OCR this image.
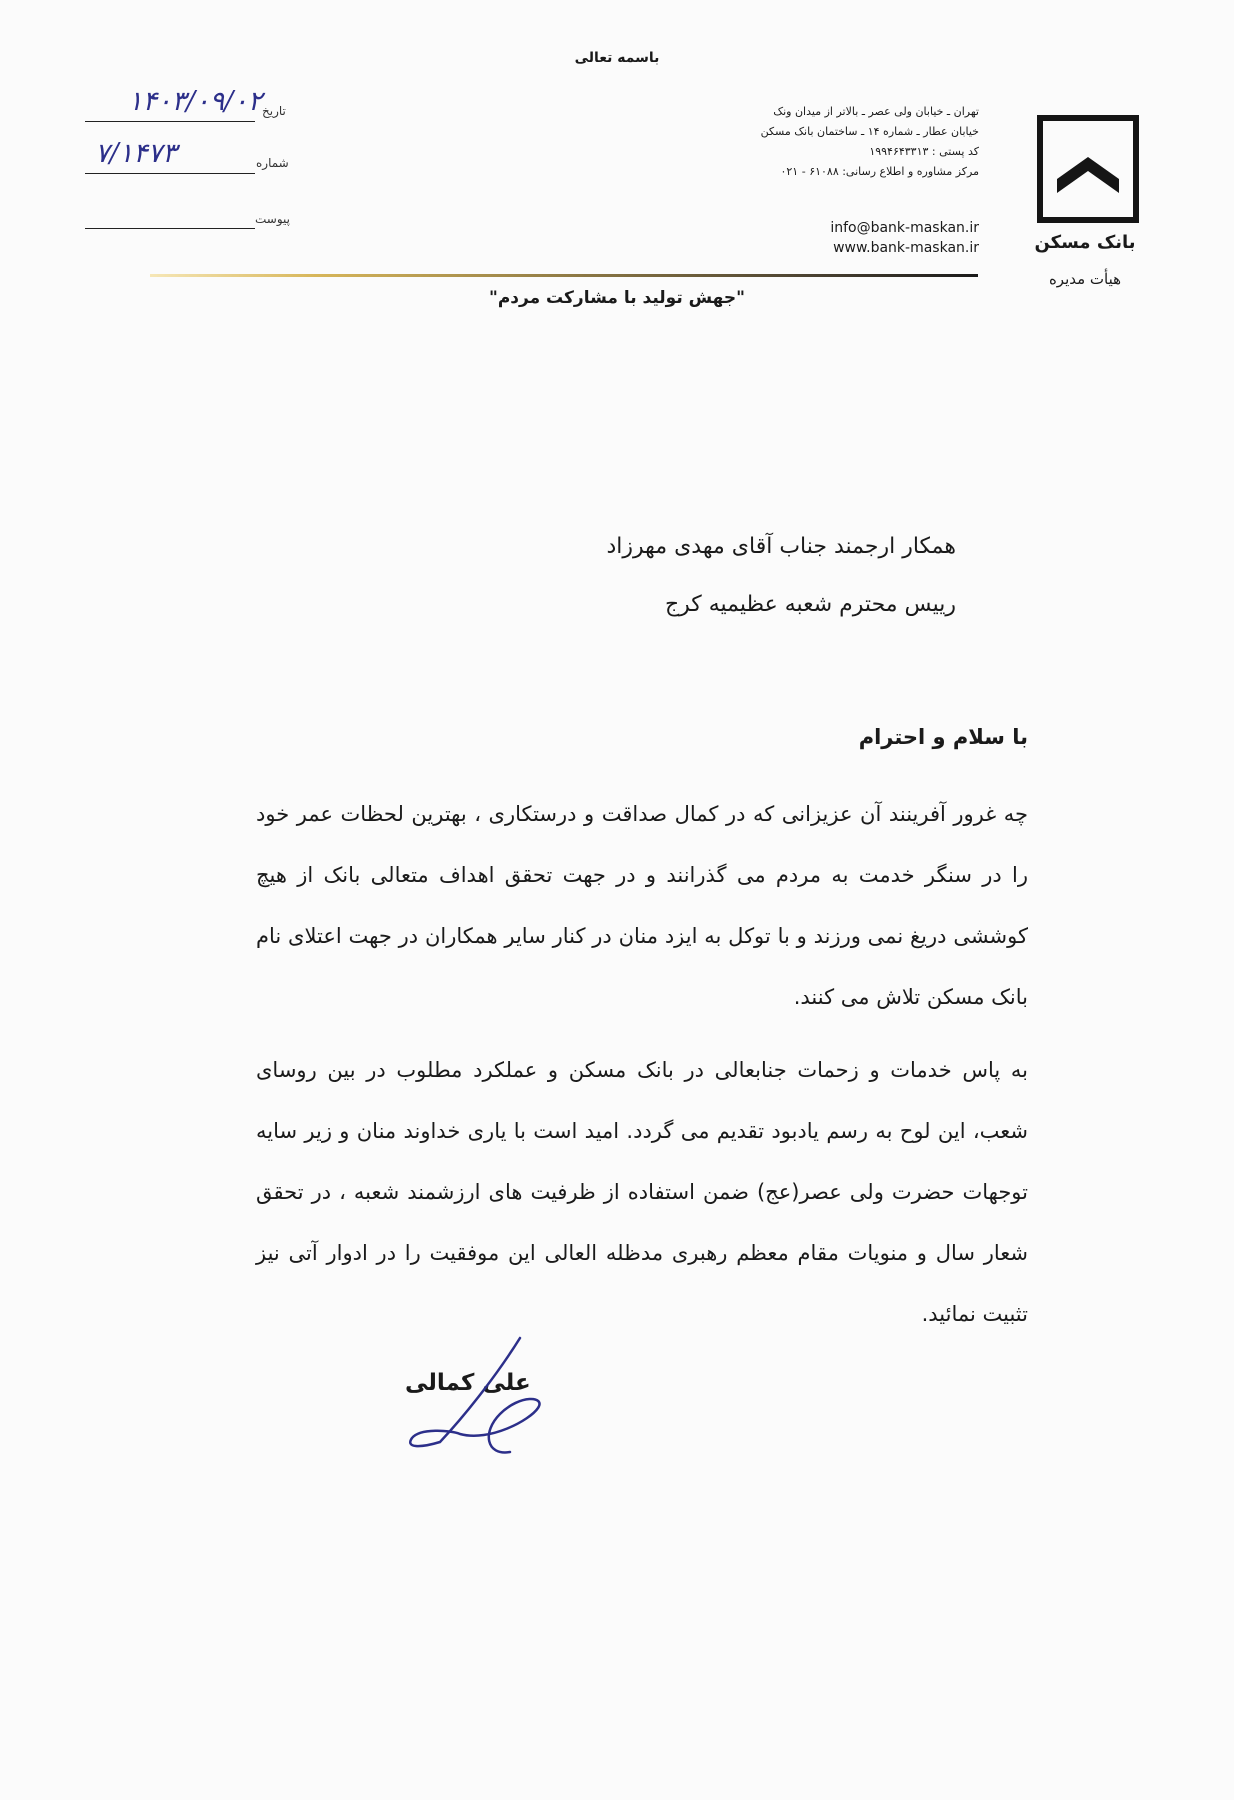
باسمه تعالی
بانک مسکن
هیأت مدیره
تهران ـ خیابان ولی عصر ـ بالاتر از میدان ونک
خیابان عطار ـ شماره ۱۴ ـ ساختمان بانک مسکن
کد پستی : ۱۹۹۴۶۴۳۳۱۳
مرکز مشاوره و اطلاع رسانی: ۶۱۰۸۸ - ۰۲۱
info@bank-maskan.ir
www.bank-maskan.ir
تاریخ
۱۴۰۳/۰۹/۰۲
شماره
۷/۱۴۷۳
پیوست
"جهش تولید با مشارکت مردم"
همکار ارجمند جناب آقای مهدی مهرزاد
رییس محترم شعبه عظیمیه کرج
با سلام و احترام
چه غرور آفرینند آن عزیزانی که در کمال صداقت و درستکاری ، بهترین لحظات عمر خود را در سنگر خدمت به مردم می گذرانند و در جهت تحقق اهداف متعالی بانک از هیچ کوششی دریغ نمی ورزند و با توکل به ایزد منان در کنار سایر همکاران در جهت اعتلای نام بانک مسکن تلاش می کنند.
به پاس خدمات و زحمات جنابعالی در بانک مسکن و عملکرد مطلوب در بین روسای شعب، این لوح به رسم یادبود تقدیم می گردد. امید است با یاری خداوند منان و زیر سایه توجهات حضرت ولی عصر(عج) ضمن استفاده از ظرفیت های ارزشمند شعبه ، در تحقق شعار سال و منویات مقام معظم رهبری مدظله العالی این موفقیت را در ادوار آتی نیز تثبیت نمائید.
علی کمالی
